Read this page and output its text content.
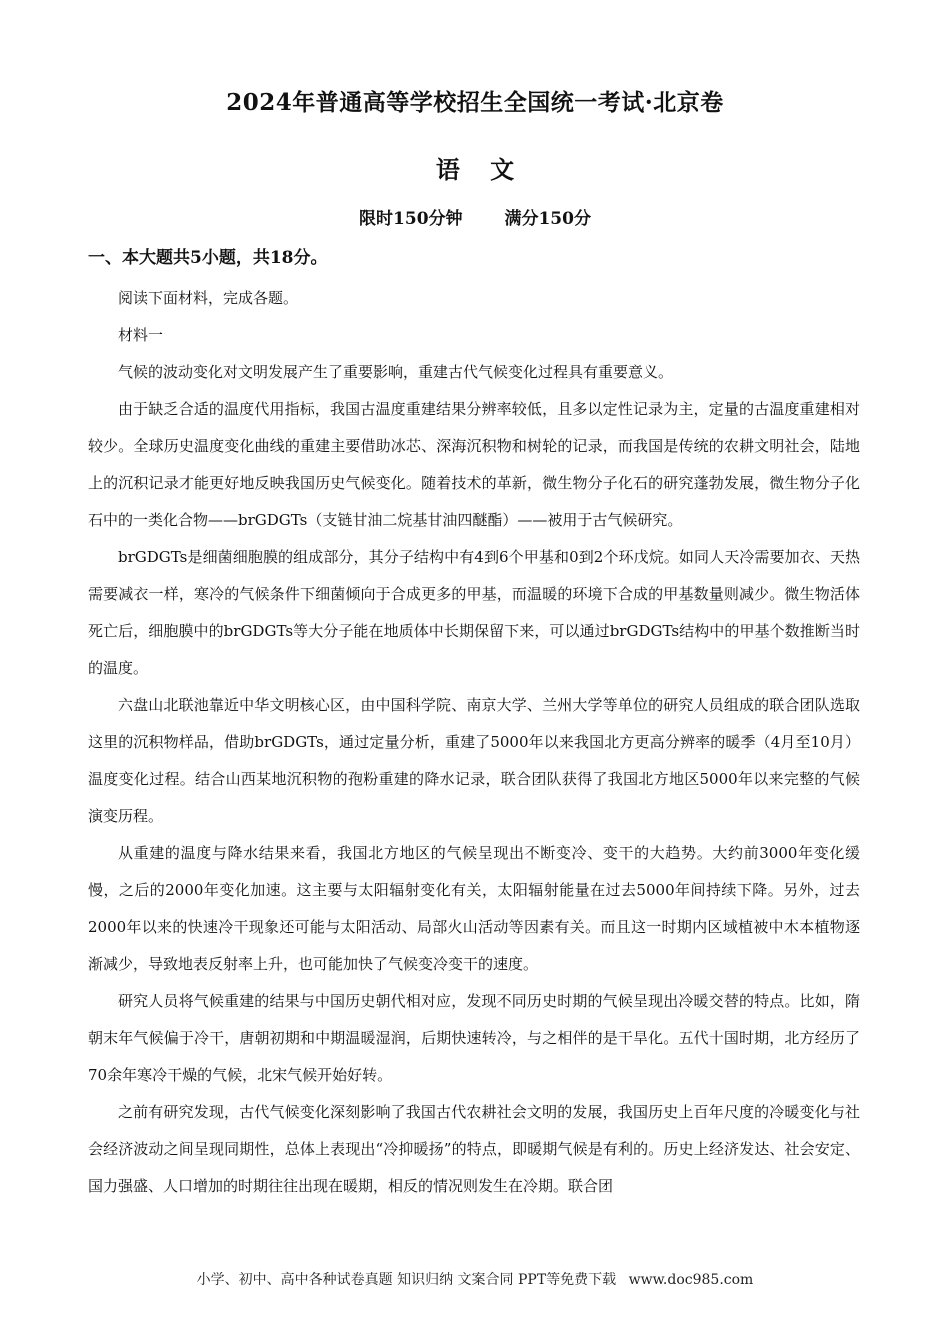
2024年普通高等学校招生全国统一考试·北京卷
语 文
限时150分钟 满分150分
一、本大题共5小题，共18分。

阅读下面材料，完成各题。

材料一

气候的波动变化对文明发展产生了重要影响，重建古代气候变化过程具有重要意义。

由于缺乏合适的温度代用指标，我国古温度重建结果分辨率较低，且多以定性记录为主，定量的古温度重建相对较少。全球历史温度变化曲线的重建主要借助冰芯、深海沉积物和树轮的记录，而我国是传统的农耕文明社会，陆地上的沉积记录才能更好地反映我国历史气候变化。随着技术的革新，微生物分子化石的研究蓬勃发展，微生物分子化石中的一类化合物——brGDGTs（支链甘油二烷基甘油四醚酯）——被用于古气候研究。

brGDGTs是细菌细胞膜的组成部分，其分子结构中有4到6个甲基和0到2个环戊烷。如同人天冷需要加衣、天热需要减衣一样，寒冷的气候条件下细菌倾向于合成更多的甲基，而温暖的环境下合成的甲基数量则减少。微生物活体死亡后，细胞膜中的brGDGTs等大分子能在地质体中长期保留下来，可以通过brGDGTs结构中的甲基个数推断当时的温度。

六盘山北联池靠近中华文明核心区，由中国科学院、南京大学、兰州大学等单位的研究人员组成的联合团队选取这里的沉积物样品，借助brGDGTs，通过定量分析，重建了5000年以来我国北方更高分辨率的暖季（4月至10月）温度变化过程。结合山西某地沉积物的孢粉重建的降水记录，联合团队获得了我国北方地区5000年以来完整的气候演变历程。

从重建的温度与降水结果来看，我国北方地区的气候呈现出不断变冷、变干的大趋势。大约前3000年变化缓慢，之后的2000年变化加速。这主要与太阳辐射变化有关，太阳辐射能量在过去5000年间持续下降。另外，过去2000年以来的快速冷干现象还可能与太阳活动、局部火山活动等因素有关。而且这一时期内区域植被中木本植物逐渐减少，导致地表反射率上升，也可能加快了气候变冷变干的速度。

研究人员将气候重建的结果与中国历史朝代相对应，发现不同历史时期的气候呈现出冷暖交替的特点。比如，隋朝末年气候偏于冷干，唐朝初期和中期温暖湿润，后期快速转冷，与之相伴的是干旱化。五代十国时期，北方经历了70余年寒冷干燥的气候，北宋气候开始好转。

之前有研究发现，古代气候变化深刻影响了我国古代农耕社会文明的发展，我国历史上百年尺度的冷暖变化与社会经济波动之间呈现同期性，总体上表现出“冷抑暖扬”的特点，即暖期气候是有利的。历史上经济发达、社会安定、国力强盛、人口增加的时期往往出现在暖期，相反的情况则发生在冷期。联合团

小学、初中、高中各种试卷真题 知识归纳 文案合同 PPT等免费下载 www.doc985.com
